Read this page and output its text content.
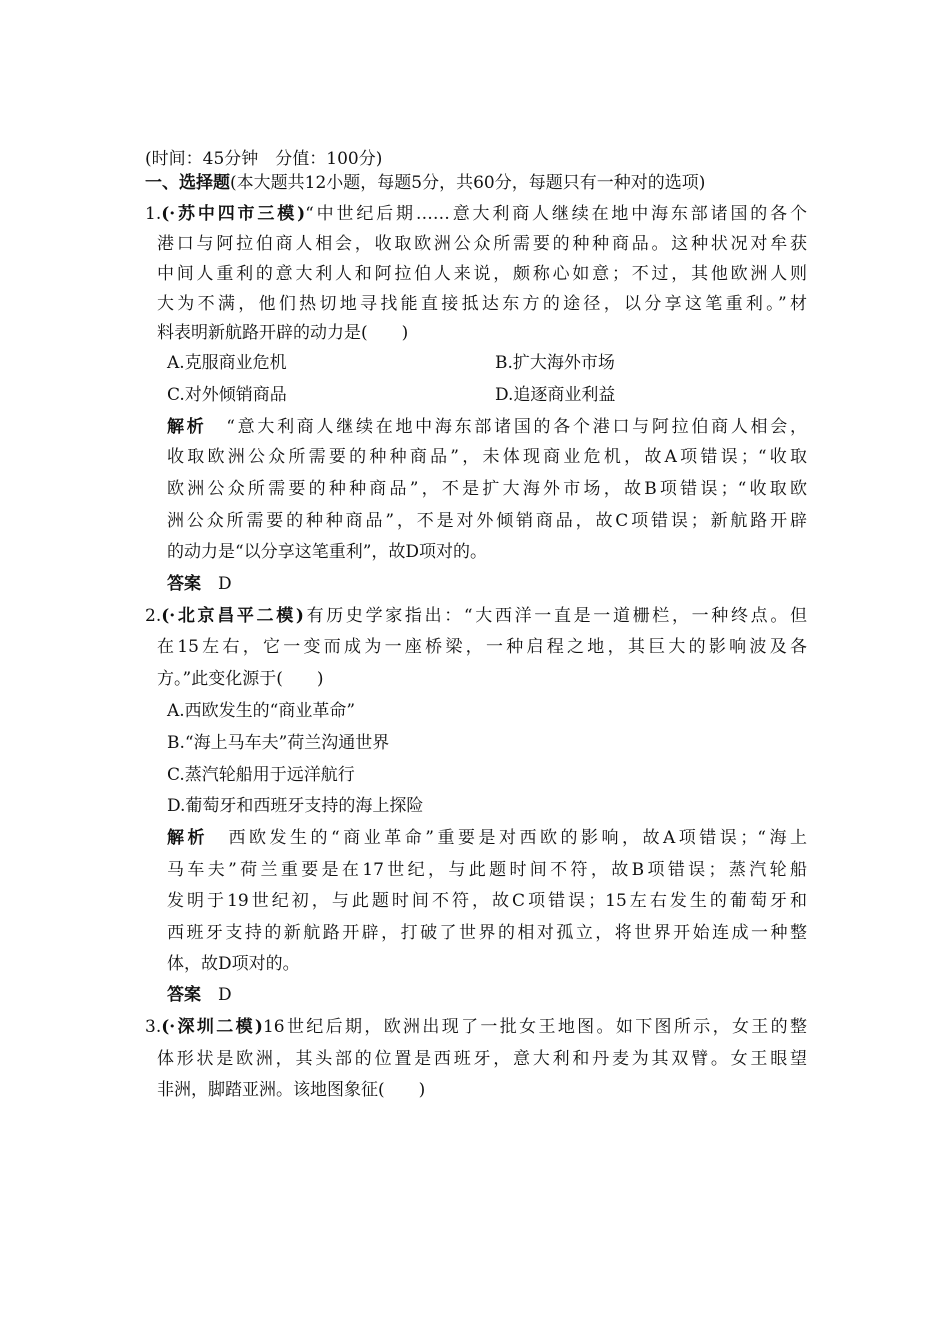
(时间：45分钟　分值：100分)
一、选择题(本大题共12小题，每题5分，共60分，每题只有一种对的选项)
1.(·苏中四市三模)“中世纪后期……意大利商人继续在地中海东部诸国的各个
港口与阿拉伯商人相会，收取欧洲公众所需要的种种商品。这种状况对牟获
中间人重利的意大利人和阿拉伯人来说，颇称心如意；不过，其他欧洲人则
大为不满，他们热切地寻找能直接抵达东方的途径，以分享这笔重利。”材
料表明新航路开辟的动力是(　　)
A.克服商业危机	B.扩大海外市场
C.对外倾销商品	D.追逐商业利益
解析　 “意大利商人继续在地中海东部诸国的各个港口与阿拉伯商人相会，
收取欧洲公众所需要的种种商品”，未体现商业危机，故A项错误；“收取
欧洲公众所需要的种种商品”，不是扩大海外市场，故B项错误；“收取欧
洲公众所需要的种种商品”，不是对外倾销商品，故C项错误；新航路开辟
的动力是“以分享这笔重利”，故D项对的。
答案　 D
2.(·北京昌平二模)有历史学家指出：“大西洋一直是一道栅栏，一种终点。但
在15左右，它一变而成为一座桥梁，一种启程之地，其巨大的影响波及各
方。”此变化源于(　　)
A.西欧发生的“商业革命”
B.“海上马车夫”荷兰沟通世界
C.蒸汽轮船用于远洋航行
D.葡萄牙和西班牙支持的海上探险
解析　 西欧发生的“商业革命”重要是对西欧的影响，故A项错误；“海上
马车夫”荷兰重要是在17世纪，与此题时间不符，故B项错误；蒸汽轮船
发明于19世纪初，与此题时间不符，故C项错误；15左右发生的葡萄牙和
西班牙支持的新航路开辟，打破了世界的相对孤立，将世界开始连成一种整
体，故D项对的。
答案　 D
3.(·深圳二模)16世纪后期，欧洲出现了一批女王地图。如下图所示，女王的整
体形状是欧洲，其头部的位置是西班牙，意大利和丹麦为其双臂。女王眼望
非洲，脚踏亚洲。该地图象征(　　)
